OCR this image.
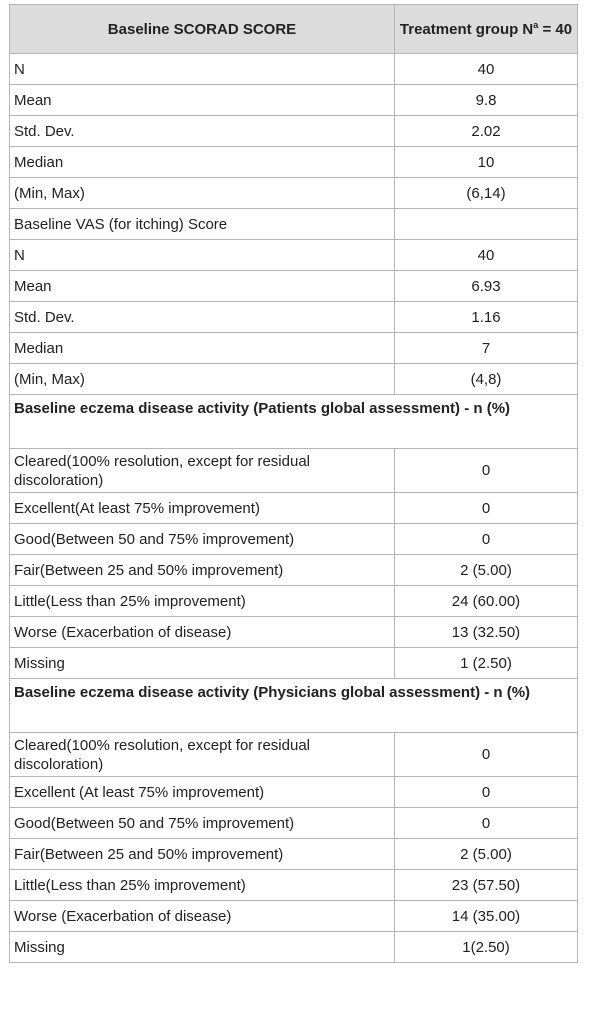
Baseline SCORAD SCORE	Treatment group $N^a = 40$
N	40
Mean	9.8
Std. Dev.	2.02
Median	10
(Min, Max)	(6,14)
Baseline VAS (for itching) Score	
N	40
Mean	6.93
Std. Dev.	1.16
Median	7
(Min, Max)	(4,8)
Baseline eczema disease activity (Patients global assessment) - n (%)	
Cleared(100% resolution, except for residual discoloration)	0
Excellent(At least 75% improvement)	0
Good(Between 50 and 75% improvement)	0
Fair(Between 25 and 50% improvement)	2 (5.00)
Little(Less than 25% improvement)	24 (60.00)
Worse (Exacerbation of disease)	13 (32.50)
Missing	1 (2.50)
Baseline eczema disease activity (Physicians global assessment) - n (%)	
Cleared(100% resolution, except for residual discoloration)	0
Excellent (At least 75% improvement)	0
Good(Between 50 and 75% improvement)	0
Fair(Between 25 and 50% improvement)	2 (5.00)
Little(Less than 25% improvement)	23 (57.50)
Worse (Exacerbation of disease)	14 (35.00)
Missing	1(2.50)
